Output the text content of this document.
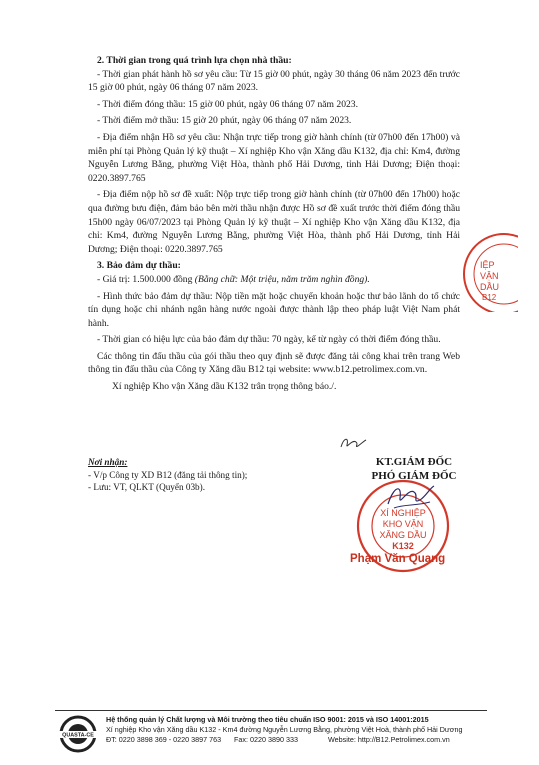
2. Thời gian trong quá trình lựa chọn nhà thầu:

- Thời gian phát hành hồ sơ yêu cầu: Từ 15 giờ 00 phút, ngày 30 tháng 06 năm 2023 đến trước 15 giờ 00 phút, ngày 06 tháng 07 năm 2023.

- Thời điểm đóng thầu: 15 giờ 00 phút, ngày 06 tháng 07 năm 2023.

- Thời điểm mở thầu: 15 giờ 20 phút, ngày 06 tháng 07 năm 2023.

- Địa điểm nhận Hồ sơ yêu cầu: Nhận trực tiếp trong giờ hành chính (từ 07h00 đến 17h00) và miễn phí tại Phòng Quản lý kỹ thuật – Xí nghiệp Kho vận Xăng dầu K132, địa chỉ: Km4, đường Nguyễn Lương Bằng, phường Việt Hòa, thành phố Hải Dương, tỉnh Hải Dương; Điện thoại: 0220.3897.765

- Địa điểm nộp hồ sơ đề xuất: Nộp trực tiếp trong giờ hành chính (từ 07h00 đến 17h00) hoặc qua đường bưu điện, đảm bảo bên mời thầu nhận được Hồ sơ đề xuất trước thời điểm đóng thầu 15h00 ngày 06/07/2023 tại Phòng Quản lý kỹ thuật – Xí nghiệp Kho vận Xăng dầu K132, địa chỉ: Km4, đường Nguyễn Lương Bằng, phường Việt Hòa, thành phố Hải Dương, tỉnh Hải Dương; Điện thoại: 0220.3897.765

3. Bảo đảm dự thầu:

- Giá trị: 1.500.000 đồng (Bằng chữ: Một triệu, năm trăm nghìn đồng).

- Hình thức bảo đảm dự thầu: Nộp tiền mặt hoặc chuyển khoản hoặc thư bảo lãnh do tổ chức tín dụng hoặc chi nhánh ngân hàng nước ngoài được thành lập theo pháp luật Việt Nam phát hành.

- Thời gian có hiệu lực của bảo đảm dự thầu: 70 ngày, kể từ ngày có thời điểm đóng thầu.

Các thông tin đấu thầu của gói thầu theo quy định sẽ được đăng tải công khai trên trang Web thông tin đấu thầu của Công ty Xăng dầu B12 tại website: www.b12.petrolimex.com.vn.

Xí nghiệp Kho vận Xăng dầu K132 trân trọng thông báo./.

Nơi nhận:
- V/p Công ty XD B12 (đăng tải thông tin);
- Lưu: VT, QLKT (Quyển 03b).
IỆP
VẬN
DẦU
B12
KT.GIÁM ĐỐC
PHÓ GIÁM ĐỐC
XÍ NGHIỆP
KHO VẬN
XĂNG DẦU
K132
Phạm Văn Quang
QUASTA-CE
Hệ thống quản lý Chất lượng và Môi trường theo tiêu chuẩn ISO 9001: 2015 và ISO 14001:2015
Xí nghiệp Kho vận Xăng dầu K132 - Km4 đường Nguyễn Lương Bằng, phường Việt Hoà, thành phố Hải Dương
ĐT: 0220 3898 369 - 0220 3897 763 Fax: 0220 3890 333	Website: http://B12.Petrolimex.com.vn
